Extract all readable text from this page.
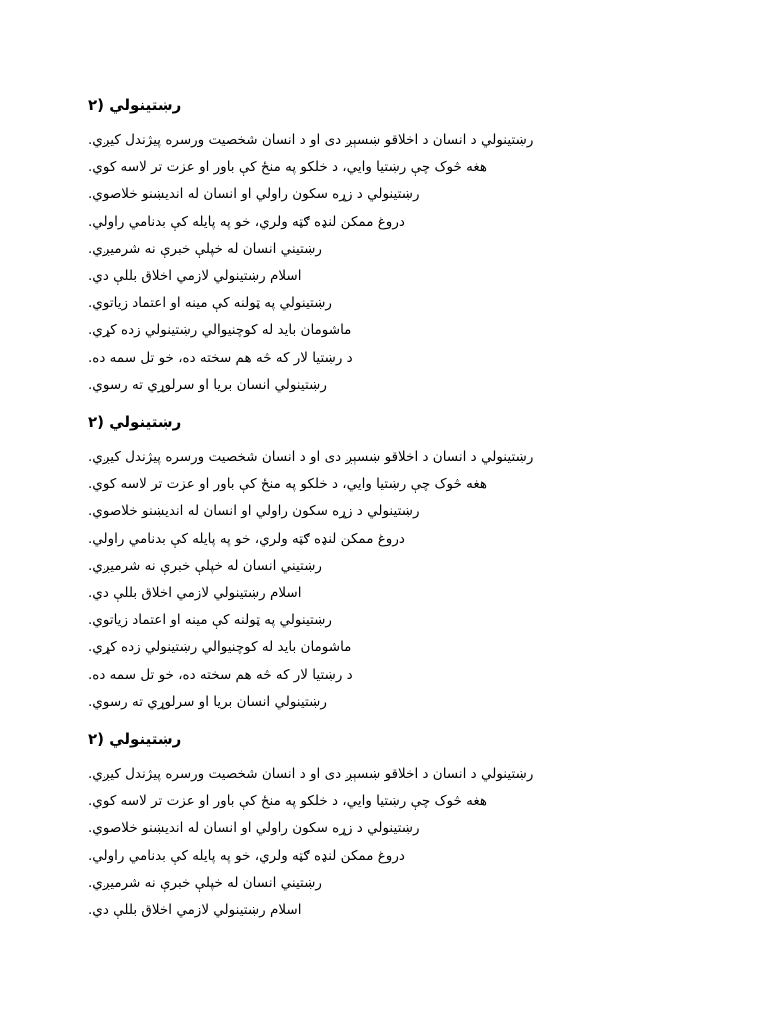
رښتينولي (۲
رښتينولي د انسان د اخلاقو ښسېږ دی او د انسان شخصیت ورسره پيژندل کيږي.
هغه څوک چې رښتيا وايي، د خلکو په منځ کې باور او عزت تر لاسه کوي.
رښتينولي د زړه سکون راولي او انسان له انديښنو خلاصوي.
دروغ ممکن لنډه ګټه ولري، خو په پايله کې بدنامي راولي.
رښتيني انسان له خپلې خبرې نه شرميږي.
اسلام رښتينولي لازمي اخلاق بللې دي.
رښتينولي په ټولنه کې مينه او اعتماد زياتوي.
ماشومان بايد له کوچنيوالي رښتينولي زده کړي.
د رښتيا لار که څه هم سخته ده، خو تل سمه ده.
رښتينولي انسان بريا او سرلوړي ته رسوي.
رښتينولي (۲
رښتينولي د انسان د اخلاقو ښسېږ دی او د انسان شخصیت ورسره پيژندل کيږي.
هغه څوک چې رښتيا وايي، د خلکو په منځ کې باور او عزت تر لاسه کوي.
رښتينولي د زړه سکون راولي او انسان له انديښنو خلاصوي.
دروغ ممکن لنډه ګټه ولري، خو په پايله کې بدنامي راولي.
رښتيني انسان له خپلې خبرې نه شرميږي.
اسلام رښتينولي لازمي اخلاق بللې دي.
رښتينولي په ټولنه کې مينه او اعتماد زياتوي.
ماشومان بايد له کوچنيوالي رښتينولي زده کړي.
د رښتيا لار که څه هم سخته ده، خو تل سمه ده.
رښتينولي انسان بريا او سرلوړي ته رسوي.
رښتينولي (۲
رښتينولي د انسان د اخلاقو ښسېږ دی او د انسان شخصیت ورسره پيژندل کيږي.
هغه څوک چې رښتيا وايي، د خلکو په منځ کې باور او عزت تر لاسه کوي.
رښتينولي د زړه سکون راولي او انسان له انديښنو خلاصوي.
دروغ ممکن لنډه ګټه ولري، خو په پايله کې بدنامي راولي.
رښتيني انسان له خپلې خبرې نه شرميږي.
اسلام رښتينولي لازمي اخلاق بللې دي.
